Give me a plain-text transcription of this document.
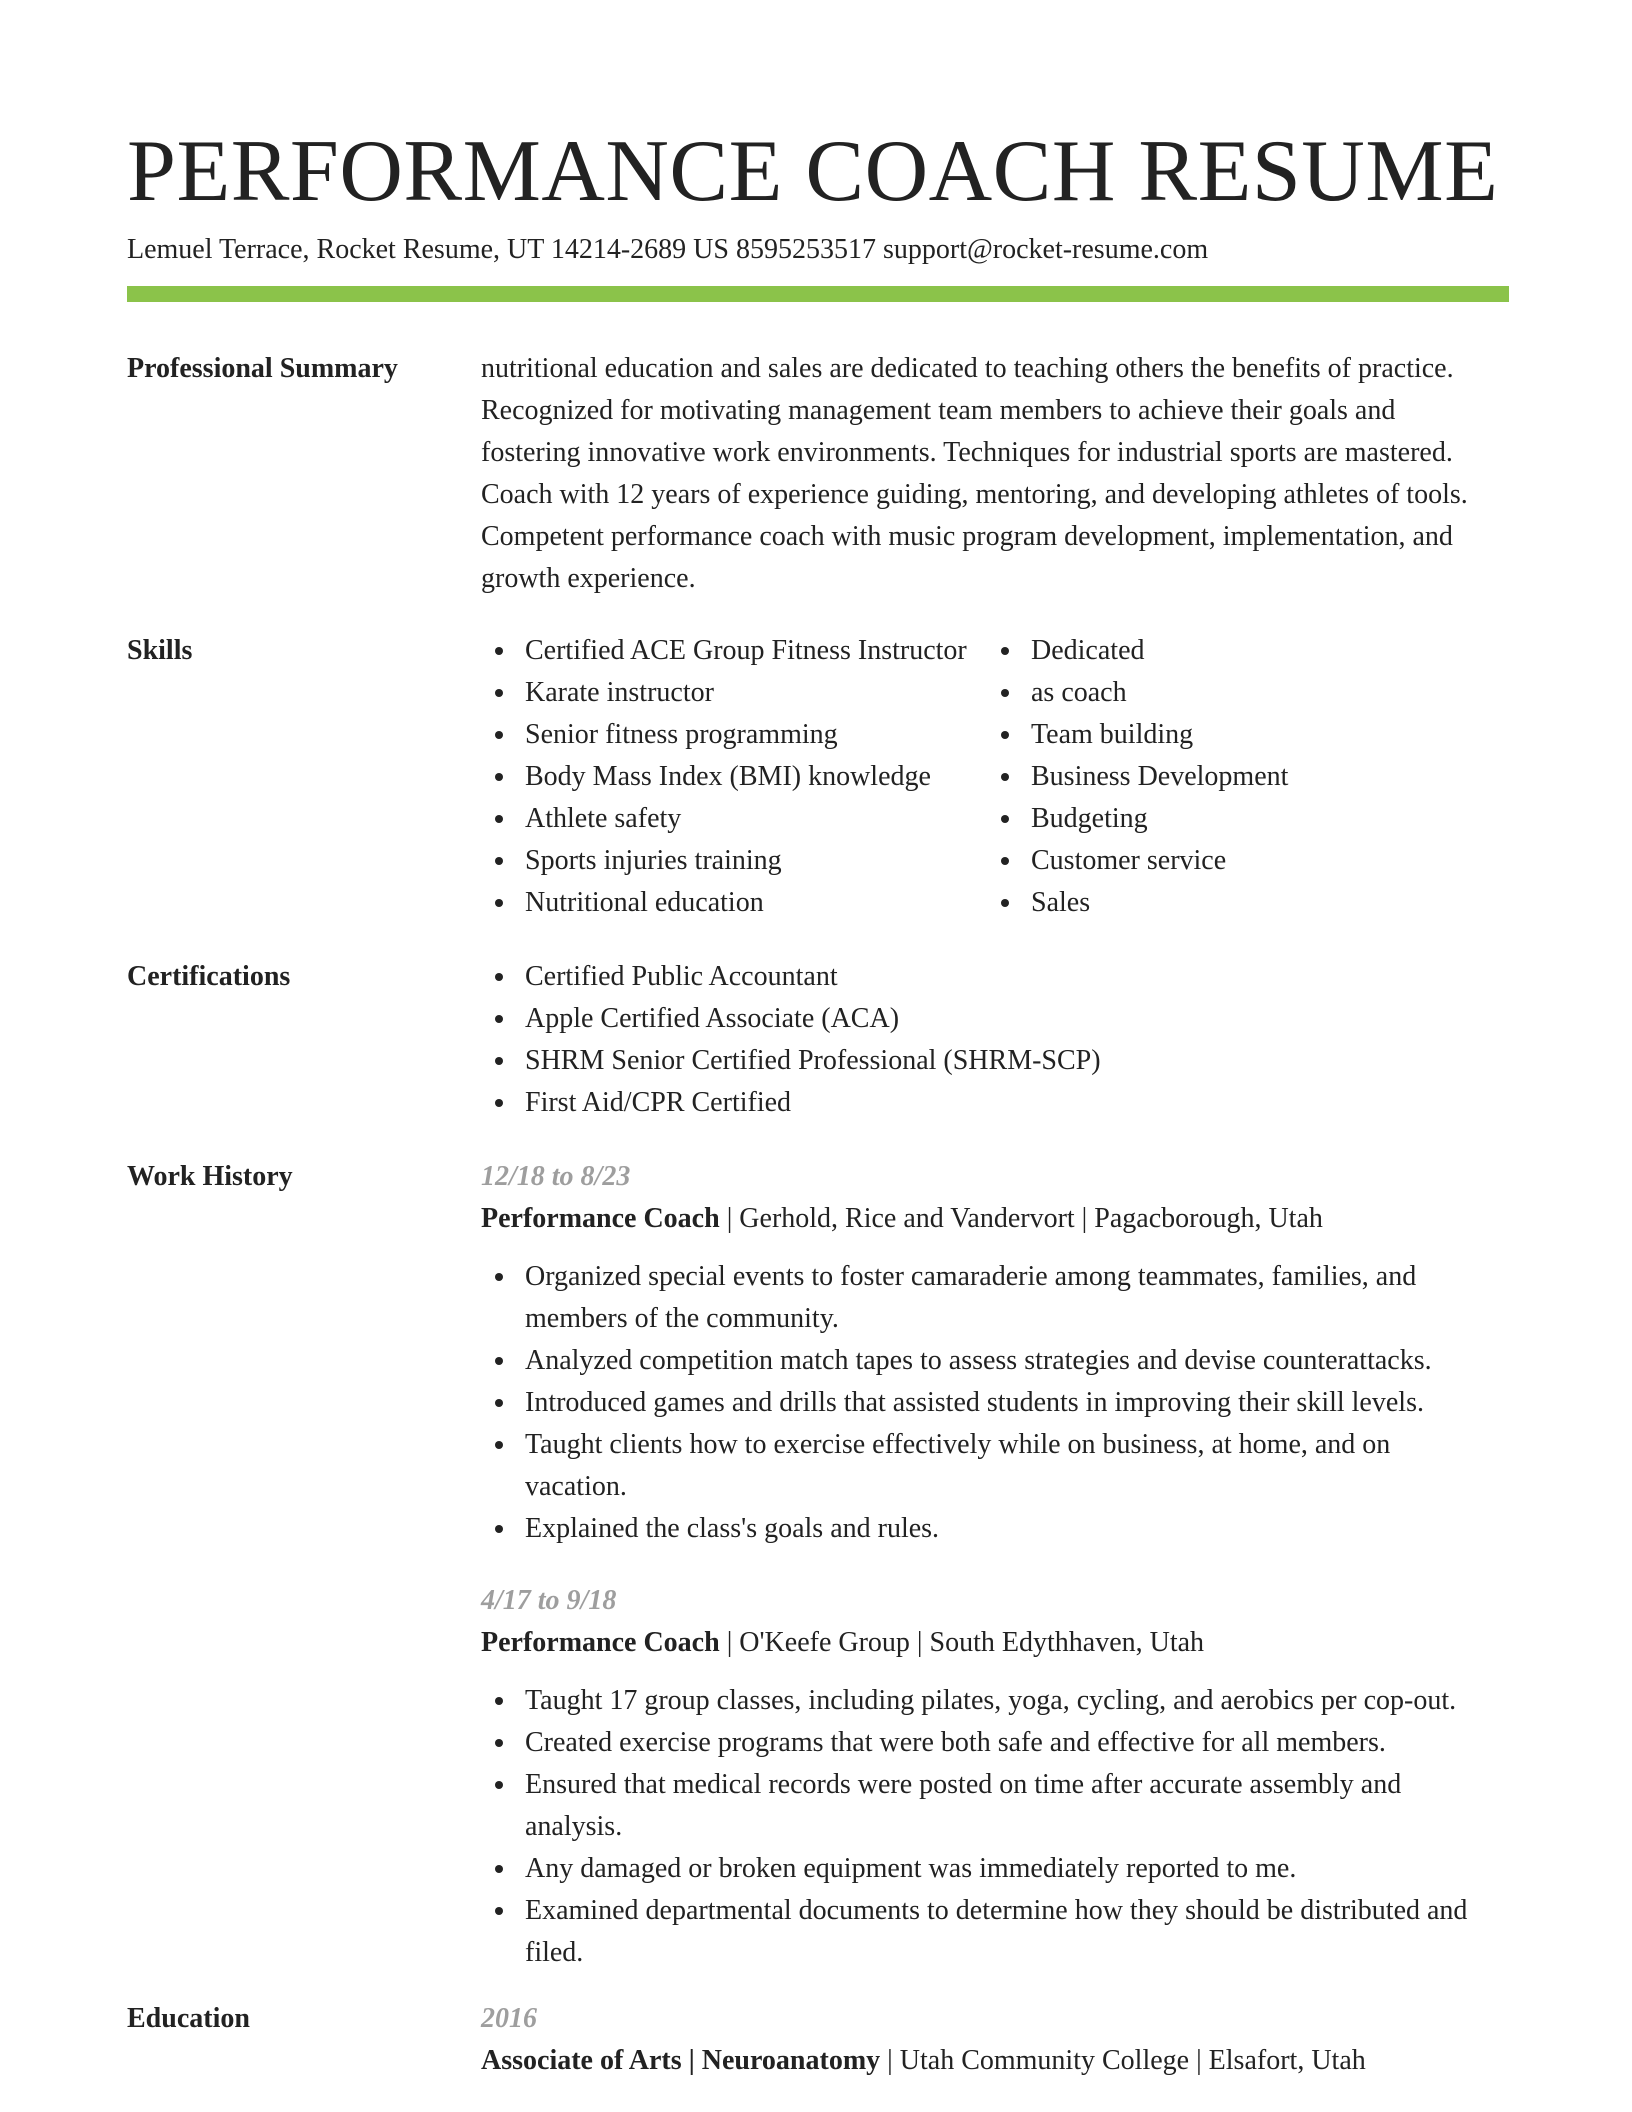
PERFORMANCE COACH RESUME
Lemuel Terrace, Rocket Resume, UT 14214-2689 US 8595253517 support@rocket-resume.com
Professional Summary	nutritional education and sales are dedicated to teaching others the benefits of practice.
Recognized for motivating management team members to achieve their goals and
fostering innovative work environments. Techniques for industrial sports are mastered.
Coach with 12 years of experience guiding, mentoring, and developing athletes of tools.
Competent performance coach with music program development, implementation, and
growth experience.
Skills	Certified ACE Group Fitness Instructor
Karate instructor
Senior fitness programming
Body Mass Index (BMI) knowledge
Athlete safety
Sports injuries training
Nutritional education
Dedicated
as coach
Team building
Business Development
Budgeting
Customer service
Sales
Certifications	Certified Public Accountant
Apple Certified Associate (ACA)
SHRM Senior Certified Professional (SHRM-SCP)
First Aid/CPR Certified
Work History	12/18 to 8/23
Performance Coach | Gerhold, Rice and Vandervort | Pagacborough, Utah
Organized special events to foster camaraderie among teammates, families, and
members of the community.
Analyzed competition match tapes to assess strategies and devise counterattacks.
Introduced games and drills that assisted students in improving their skill levels.
Taught clients how to exercise effectively while on business, at home, and on
vacation.
Explained the class's goals and rules.
4/17 to 9/18
Performance Coach | O'Keefe Group | South Edythhaven, Utah
Taught 17 group classes, including pilates, yoga, cycling, and aerobics per cop-out.
Created exercise programs that were both safe and effective for all members.
Ensured that medical records were posted on time after accurate assembly and
analysis.
Any damaged or broken equipment was immediately reported to me.
Examined departmental documents to determine how they should be distributed and
filed.
Education	2016
Associate of Arts | Neuroanatomy | Utah Community College | Elsafort, Utah
